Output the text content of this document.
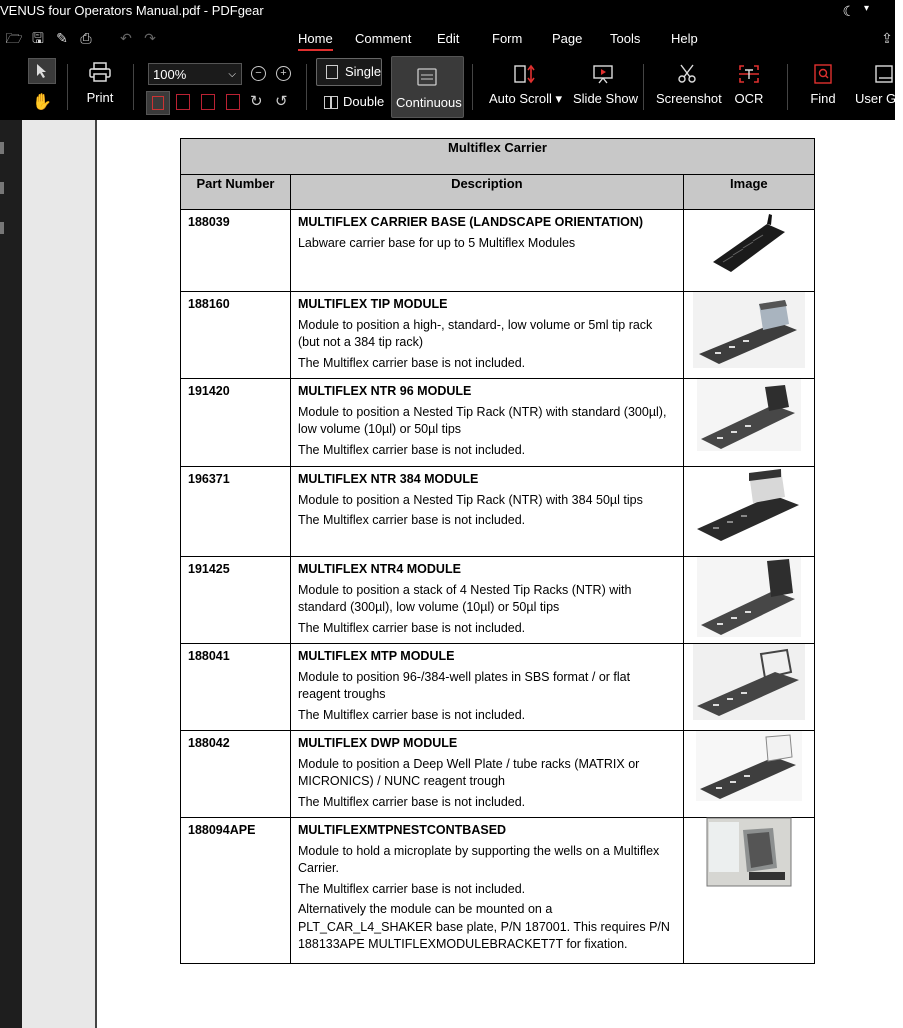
VENUS four Operators Manual.pdf - PDFgear	☾ ▾
🗁 🖫 ✎ ⎙ ↶ ↷	Home Comment Edit	Form Page Tools Help	⇪
✋	Print
100%	⌵	−	+
↻ ↺
Single
Double Continuous Auto Scroll ▾ Slide Show Screenshot OCR	Find User Gu
Multiflex Carrier		
Part Number	Description	Image
188039	MULTIFLEX CARRIER BASE (LANDSCAPE ORIENTATION)

Labware carrier base for up to 5 Multiflex Modules

188160	MULTIFLEX TIP MODULE

Module to position a high-, standard-, low volume or 5ml tip rack (but not a 384 tip rack)

The Multiflex carrier base is not included.

191420	MULTIFLEX NTR 96 MODULE

Module to position a Nested Tip Rack (NTR) with standard (300µl), low volume (10µl) or 50µl tips

The Multiflex carrier base is not included.

196371	MULTIFLEX NTR 384 MODULE

Module to position a Nested Tip Rack (NTR) with 384 50µl tips

The Multiflex carrier base is not included.

191425	MULTIFLEX NTR4 MODULE

Module to position a stack of 4 Nested Tip Racks (NTR) with standard (300µl), low volume (10µl) or 50µl tips

The Multiflex carrier base is not included.

188041	MULTIFLEX MTP MODULE

Module to position 96-/384-well plates in SBS format / or flat reagent troughs

The Multiflex carrier base is not included.

188042	MULTIFLEX DWP MODULE

Module to position a Deep Well Plate / tube racks (MATRIX or MICRONICS) / NUNC reagent trough

The Multiflex carrier base is not included.

188094APE	MULTIFLEXMTPNESTCONTBASED

Module to hold a microplate by supporting the wells on a Multiflex Carrier.

The Multiflex carrier base is not included.

Alternatively the module can be mounted on a PLT_CAR_L4_SHAKER base plate, P/N 187001. This requires P/N 188133APE MULTIFLEXMODULEBRACKET7T for fixation.
